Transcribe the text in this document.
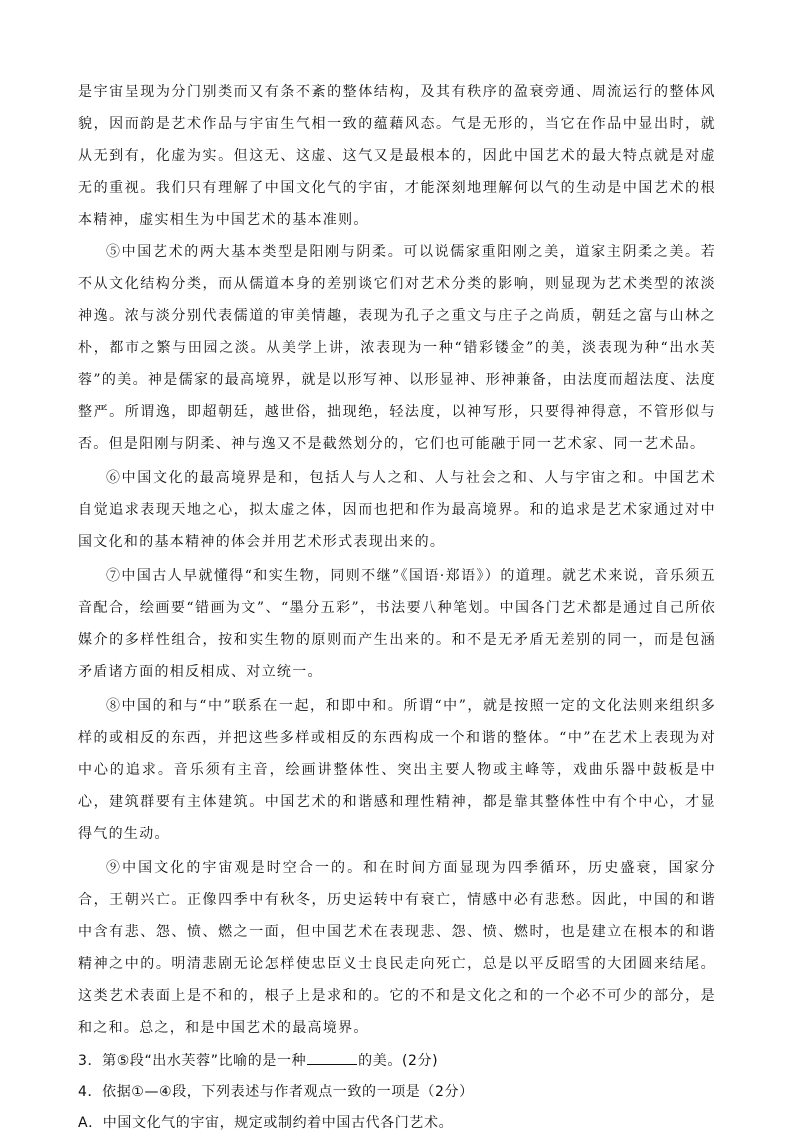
是宇宙呈现为分门别类而又有条不紊的整体结构，及其有秩序的盈衰旁通、周流运行的整体风貌，因而韵是艺术作品与宇宙生气相一致的蕴藉风态。气是无形的，当它在作品中显出时，就从无到有，化虚为实。但这无、这虚、这气又是最根本的，因此中国艺术的最大特点就是对虚无的重视。我们只有理解了中国文化气的宇宙，才能深刻地理解何以气的生动是中国艺术的根本精神，虚实相生为中国艺术的基本准则。

⑤中国艺术的两大基本类型是阳刚与阴柔。可以说儒家重阳刚之美，道家主阴柔之美。若不从文化结构分类，而从儒道本身的差别谈它们对艺术分类的影响，则显现为艺术类型的浓淡神逸。浓与淡分别代表儒道的审美情趣，表现为孔子之重文与庄子之尚质，朝廷之富与山林之朴，都市之繁与田园之淡。从美学上讲，浓表现为一种“错彩镂金”的美，淡表现为种“出水芙蓉”的美。神是儒家的最高境界，就是以形写神、以形显神、形神兼备，由法度而超法度、法度整严。所谓逸，即超朝廷，越世俗，拙现绝，轻法度，以神写形，只要得神得意，不管形似与否。但是阳刚与阴柔、神与逸又不是截然划分的，它们也可能融于同一艺术家、同一艺术品。

⑥中国文化的最高境界是和，包括人与人之和、人与社会之和、人与宇宙之和。中国艺术自觉追求表现天地之心，拟太虚之体，因而也把和作为最高境界。和的追求是艺术家通过对中国文化和的基本精神的体会并用艺术形式表现出来的。

⑦中国古人早就懂得“和实生物，同则不继”《国语·郑语》）的道理。就艺术来说，音乐须五音配合，绘画要“错画为文”、“墨分五彩”，书法要八种笔划。中国各门艺术都是通过自己所依媒介的多样性组合，按和实生物的原则而产生出来的。和不是无矛盾无差别的同一，而是包涵矛盾诸方面的相反相成、对立统一。

⑧中国的和与“中”联系在一起，和即中和。所谓“中”，就是按照一定的文化法则来组织多样的或相反的东西，并把这些多样或相反的东西构成一个和谐的整体。“中”在艺术上表现为对中心的追求。音乐须有主音，绘画讲整体性、突出主要人物或主峰等，戏曲乐器中鼓板是中心，建筑群要有主体建筑。中国艺术的和谐感和理性精神，都是靠其整体性中有个中心，才显得气的生动。

⑨中国文化的宇宙观是时空合一的。和在时间方面显现为四季循环，历史盛衰，国家分合，王朝兴亡。正像四季中有秋冬，历史运转中有衰亡，情感中必有悲愁。因此，中国的和谐中含有悲、怨、愤、燃之一面，但中国艺术在表现悲、怨、愤、燃时，也是建立在根本的和谐精神之中的。明清悲剧无论怎样使忠臣义士良民走向死亡，总是以平反昭雪的大团圆来结尾。这类艺术表面上是不和的，根子上是求和的。它的不和是文化之和的一个必不可少的部分，是和之和。总之，和是中国艺术的最高境界。

3．第⑤段“出水芙蓉”比喻的是一种	的美。(2分)

4．依据①—④段，下列表述与作者观点一致的一项是（2分）

A．中国文化气的宇宙，规定或制约着中国古代各门艺术。
